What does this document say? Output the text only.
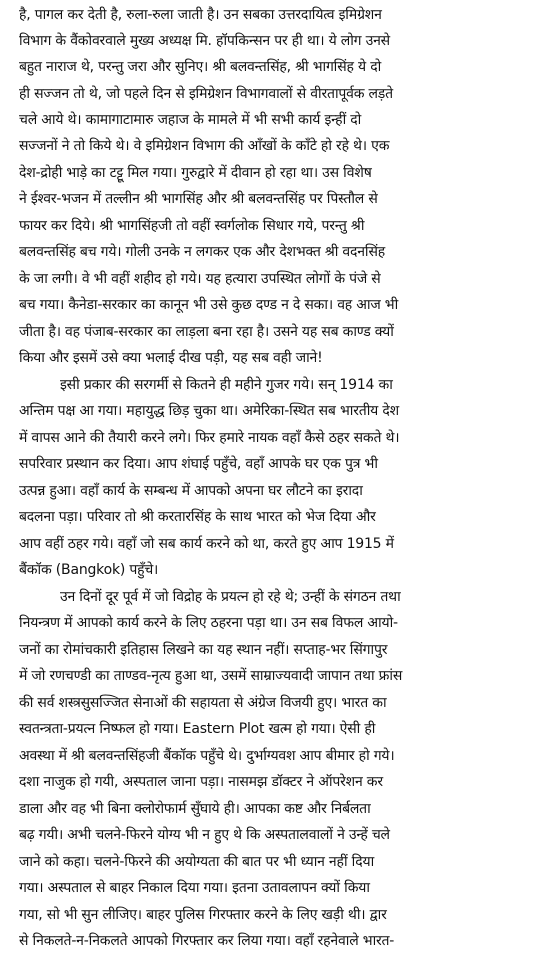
है, पागल कर देती है, रुला-रुला जाती है। उन सबका उत्तरदायित्व इमिग्रेशन
विभाग के वैंकोवरवाले मुख्य अध्यक्ष मि. हॉपकिन्सन पर ही था। ये लोग उनसे
बहुत नाराज थे, परन्तु जरा और सुनिए। श्री बलवन्तसिंह, श्री भागसिंह ये दो
ही सज्जन तो थे, जो पहले दिन से इमिग्रेशन विभागवालों से वीरतापूर्वक लड़ते
चले आये थे। कामागाटामारु जहाज के मामले में भी सभी कार्य इन्हीं दो
सज्जनों ने तो किये थे। वे इमिग्रेशन विभाग की आँखों के काँटे हो रहे थे। एक
देश-द्रोही भाड़े का टट्टू मिल गया। गुरुद्वारे में दीवान हो रहा था। उस विशेष
ने ईश्वर-भजन में तल्लीन श्री भागसिंह और श्री बलवन्तसिंह पर पिस्तौल से
फायर कर दिये। श्री भागसिंहजी तो वहीं स्वर्गलोक सिधार गये, परन्तु श्री
बलवन्तसिंह बच गये। गोली उनके न लगकर एक और देशभक्त श्री वदनसिंह
के जा लगी। वे भी वहीं शहीद हो गये। यह हत्यारा उपस्थित लोगों के पंजे से
बच गया। कैनेडा-सरकार का कानून भी उसे कुछ दण्ड न दे सका। वह आज भी
जीता है। वह पंजाब-सरकार का लाड़ला बना रहा है। उसने यह सब काण्ड क्यों
किया और इसमें उसे क्या भलाई दीख पड़ी, यह सब वही जाने!
इसी प्रकार की सरगर्मी से कितने ही महीने गुजर गये। सन् 1914 का
अन्तिम पक्ष आ गया। महायुद्ध छिड़ चुका था। अमेरिका-स्थित सब भारतीय देश
में वापस आने की तैयारी करने लगे। फिर हमारे नायक वहाँ कैसे ठहर सकते थे।
सपरिवार प्रस्थान कर दिया। आप शंघाई पहुँचे, वहाँ आपके घर एक पुत्र भी
उत्पन्न हुआ। वहाँ कार्य के सम्बन्ध में आपको अपना घर लौटने का इरादा
बदलना पड़ा। परिवार तो श्री करतारसिंह के साथ भारत को भेज दिया और
आप वहीं ठहर गये। वहाँ जो सब कार्य करने को था, करते हुए आप 1915 में
बैंकॉक (Bangkok) पहुँचे।
उन दिनों दूर पूर्व में जो विद्रोह के प्रयत्न हो रहे थे; उन्हीं के संगठन तथा
नियन्त्रण में आपको कार्य करने के लिए ठहरना पड़ा था। उन सब विफल आयो-
जनों का रोमांचकारी इतिहास लिखने का यह स्थान नहीं। सप्ताह-भर सिंगापुर
में जो रणचण्डी का ताण्डव-नृत्य हुआ था, उसमें साम्राज्यवादी जापान तथा फ्रांस
की सर्व शस्त्रसुसज्जित सेनाओं की सहायता से अंग्रेज विजयी हुए। भारत का
स्वतन्त्रता-प्रयत्न निष्फल हो गया। Eastern Plot खत्म हो गया। ऐसी ही
अवस्था में श्री बलवन्तसिंहजी बैंकॉक पहुँचे थे। दुर्भाग्यवश आप बीमार हो गये।
दशा नाजुक हो गयी, अस्पताल जाना पड़ा। नासमझ डॉक्टर ने ऑपरेशन कर
डाला और वह भी बिना क्लोरोफार्म सुँघाये ही। आपका कष्ट और निर्बलता
बढ़ गयी। अभी चलने-फिरने योग्य भी न हुए थे कि अस्पतालवालों ने उन्हें चले
जाने को कहा। चलने-फिरने की अयोग्यता की बात पर भी ध्यान नहीं दिया
गया। अस्पताल से बाहर निकाल दिया गया। इतना उतावलापन क्यों किया
गया, सो भी सुन लीजिए। बाहर पुलिस गिरफ्तार करने के लिए खड़ी थी। द्वार
से निकलते-न-निकलते आपको गिरफ्तार कर लिया गया। वहाँ रहनेवाले भारत-
